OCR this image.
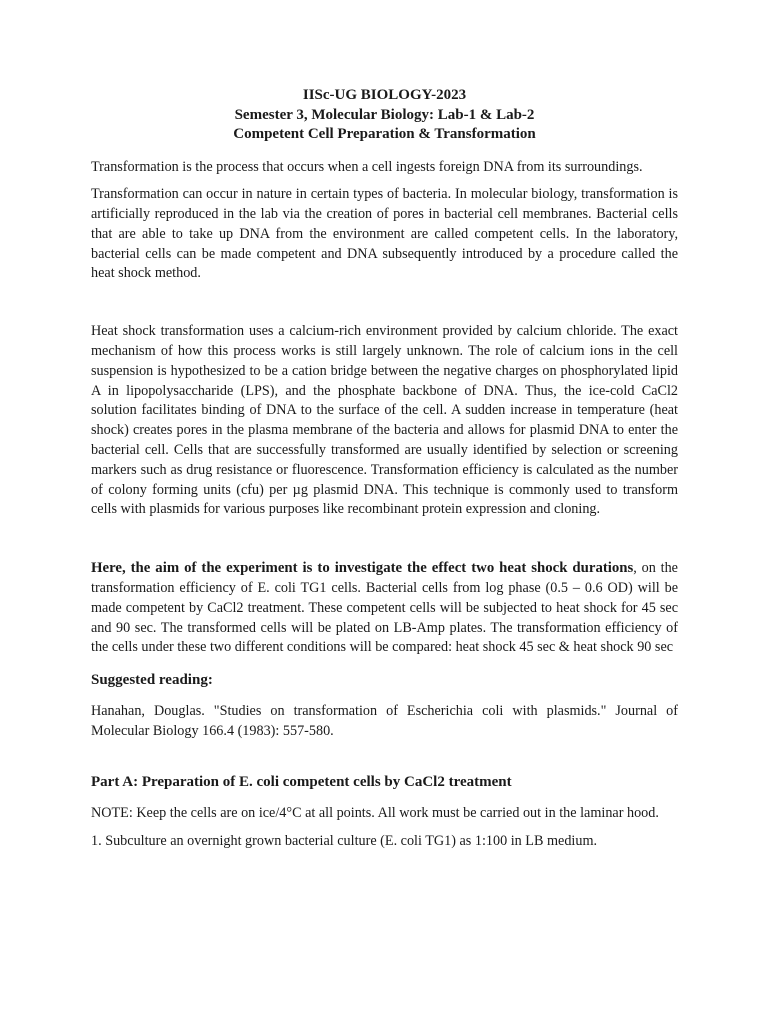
IISc-UG BIOLOGY-2023
Semester 3, Molecular Biology: Lab-1 & Lab-2
Competent Cell Preparation & Transformation

Transformation is the process that occurs when a cell ingests foreign DNA from its surroundings.

Transformation can occur in nature in certain types of bacteria. In molecular biology, transformation is artificially reproduced in the lab via the creation of pores in bacterial cell membranes. Bacterial cells that are able to take up DNA from the environment are called competent cells. In the laboratory, bacterial cells can be made competent and DNA subsequently introduced by a procedure called the heat shock method.

Heat shock transformation uses a calcium-rich environment provided by calcium chloride. The exact mechanism of how this process works is still largely unknown. The role of calcium ions in the cell suspension is hypothesized to be a cation bridge between the negative charges on phosphorylated lipid A in lipopolysaccharide (LPS), and the phosphate backbone of DNA. Thus, the ice-cold CaCl2 solution facilitates binding of DNA to the surface of the cell. A sudden increase in temperature (heat shock) creates pores in the plasma membrane of the bacteria and allows for plasmid DNA to enter the bacterial cell. Cells that are successfully transformed are usually identified by selection or screening markers such as drug resistance or fluorescence. Transformation efficiency is calculated as the number of colony forming units (cfu) per µg plasmid DNA. This technique is commonly used to transform cells with plasmids for various purposes like recombinant protein expression and cloning.

Here, the aim of the experiment is to investigate the effect two heat shock durations, on the transformation efficiency of E. coli TG1 cells. Bacterial cells from log phase (0.5 – 0.6 OD) will be made competent by CaCl2 treatment. These competent cells will be subjected to heat shock for 45 sec and 90 sec. The transformed cells will be plated on LB-Amp plates. The transformation efficiency of the cells under these two different conditions will be compared: heat shock 45 sec & heat shock 90 sec

Suggested reading:

Hanahan, Douglas. "Studies on transformation of Escherichia coli with plasmids." Journal of Molecular Biology 166.4 (1983): 557-580.

Part A: Preparation of E. coli competent cells by CaCl2 treatment

NOTE: Keep the cells are on ice/4°C at all points. All work must be carried out in the laminar hood.

1. Subculture an overnight grown bacterial culture (E. coli TG1) as 1:100 in LB medium.
